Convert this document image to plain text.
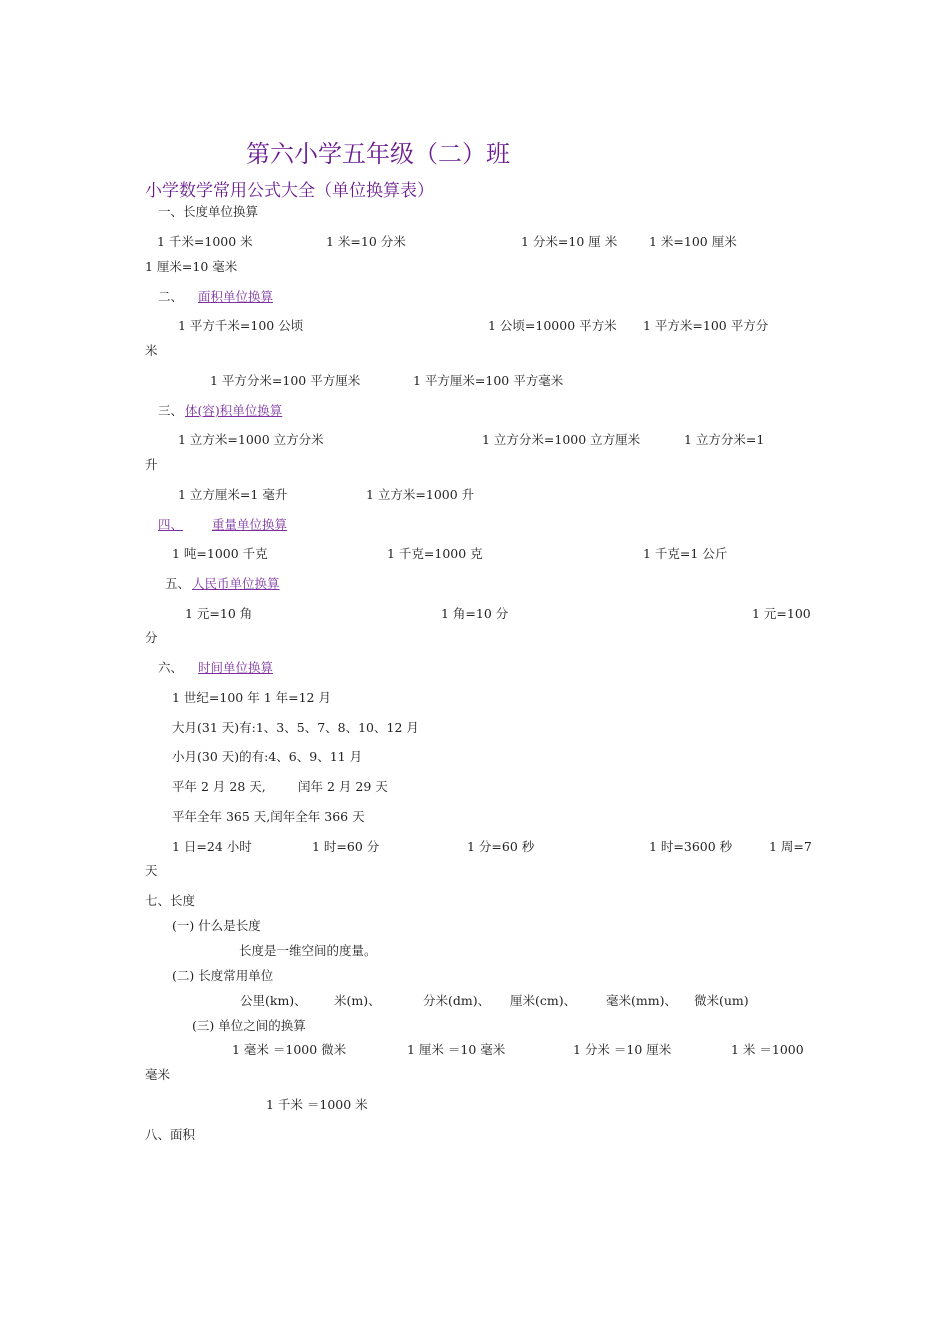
第六小学五年级（二）班
小学数学常用公式大全（单位换算表）
一、长度单位换算
1 千米=1000 米	1 米=10 分米	1 分米=10 厘 米	1 米=100 厘米
1 厘米=10 毫米
二、 面积单位换算
1 平方千米=100 公顷	1 公顷=10000 平方米 1 平方米=100 平方分
米
1 平方分米=100 平方厘米	1 平方厘米=100 平方毫米
三、 体(容)积单位换算
1 立方米=1000 立方分米	1 立方分米=1000 立方厘米	1 立方分米=1
升
1 立方厘米=1 毫升	1 立方米=1000 升
四、 重量单位换算
1 吨=1000 千克	1 千克=1000 克	1 千克=1 公斤
五、 人民币单位换算
1 元=10 角	1 角=10 分	1 元=100
分
六、 时间单位换算
1 世纪=100 年 1 年=12 月
大月(31 天)有:1、3、5、7、8、10、12 月
小月(30 天)的有:4、6、9、11 月
平年 2 月 28 天,	闰年 2 月 29 天
平年全年 365 天,闰年全年 366 天
1 日=24 小时	1 时=60 分	1 分=60 秒	1 时=3600 秒	1 周=7
天
七、长度
(一) 什么是长度
长度是一维空间的度量。
(二) 长度常用单位
公里(km)、 米(m)、	分米(dm)、 厘米(cm)、 毫米(mm)、 微米(um)
(三) 单位之间的换算
1 毫米 ＝1000 微米	1 厘米 ＝10 毫米	1 分米 ＝10 厘米	1 米 ＝1000
毫米
1 千米 ＝1000 米
八、面积
